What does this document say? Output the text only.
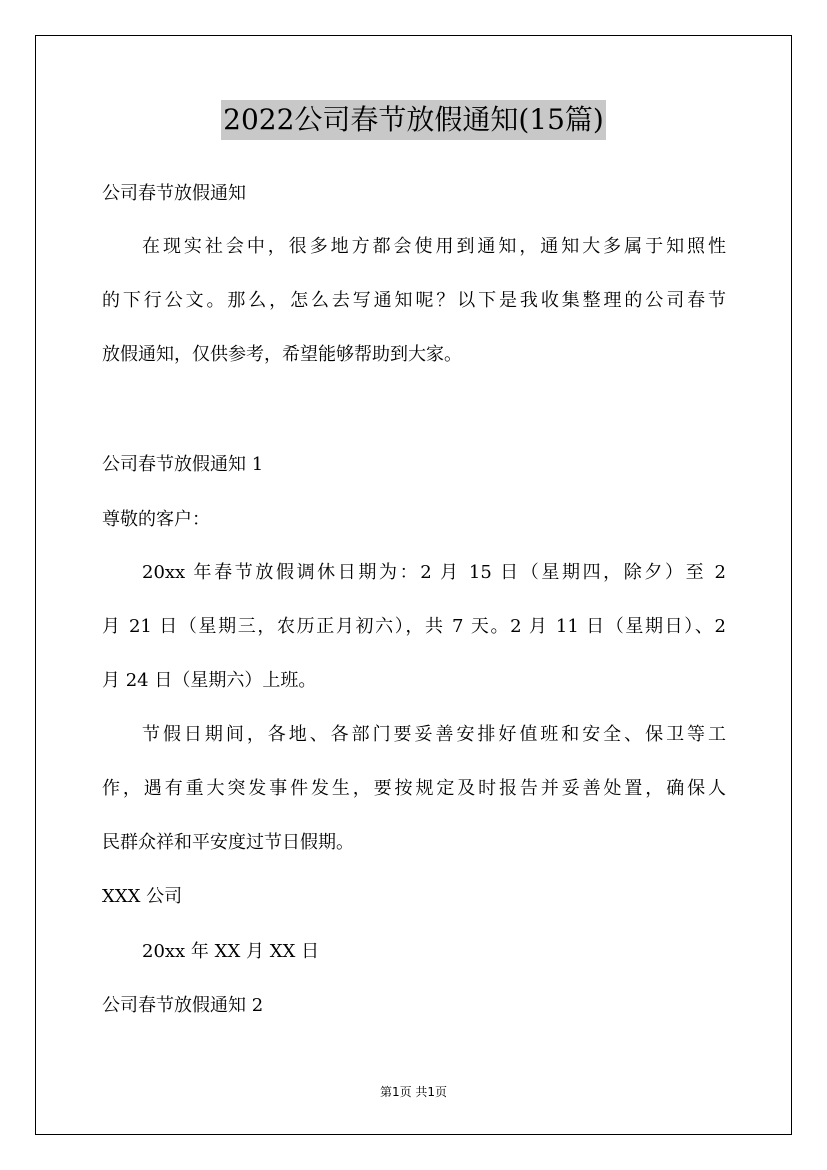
2022公司春节放假通知(15篇)
公司春节放假通知
在现实社会中，很多地方都会使用到通知，通知大多属于知照性
的下行公文。那么，怎么去写通知呢？以下是我收集整理的公司春节
放假通知，仅供参考，希望能够帮助到大家。
公司春节放假通知 1
尊敬的客户：
20xx 年春节放假调休日期为：2 月 15 日（星期四，除夕）至 2
月 21 日（星期三，农历正月初六），共 7 天。2 月 11 日（星期日）、2
月 24 日（星期六）上班。
节假日期间，各地、各部门要妥善安排好值班和安全、保卫等工
作，遇有重大突发事件发生，要按规定及时报告并妥善处置，确保人
民群众祥和平安度过节日假期。
XXX 公司
20xx 年 XX 月 XX 日
公司春节放假通知 2
第1页 共1页
